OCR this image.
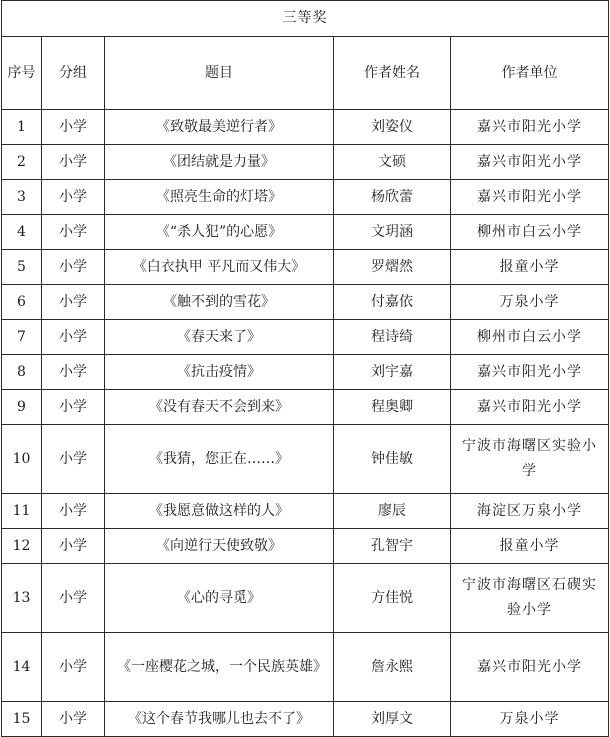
三等奖				
序号	分组	题目	作者姓名	作者单位
1	小学	《致敬最美逆行者》	刘姿仪	嘉兴市阳光小学
2	小学	《团结就是力量》	文硕	嘉兴市阳光小学
3	小学	《照亮生命的灯塔》	杨欣蕾	嘉兴市阳光小学
4	小学	《“杀人犯”的心愿》	文玥涵	柳州市白云小学
5	小学	《白衣执甲 平凡而又伟大》	罗熠然	报童小学
6	小学	《触不到的雪花》	付嘉依	万泉小学
7	小学	《春天来了》	程诗绮	柳州市白云小学
8	小学	《抗击疫情》	刘宇嘉	嘉兴市阳光小学
9	小学	《没有春天不会到来》	程奥卿	嘉兴市阳光小学
10	小学	《我猜，您正在……》	钟佳敏	宁波市海曙区实验小学
11	小学	《我愿意做这样的人》	廖辰	海淀区万泉小学
12	小学	《向逆行天使致敬》	孔智宇	报童小学
13	小学	《心的寻觅》	方佳悦	宁波市海曙区石碶实验小学
14	小学	《一座樱花之城，一个民族英雄》	詹永熙	嘉兴市阳光小学
15	小学	《这个春节我哪儿也去不了》	刘厚文	万泉小学
